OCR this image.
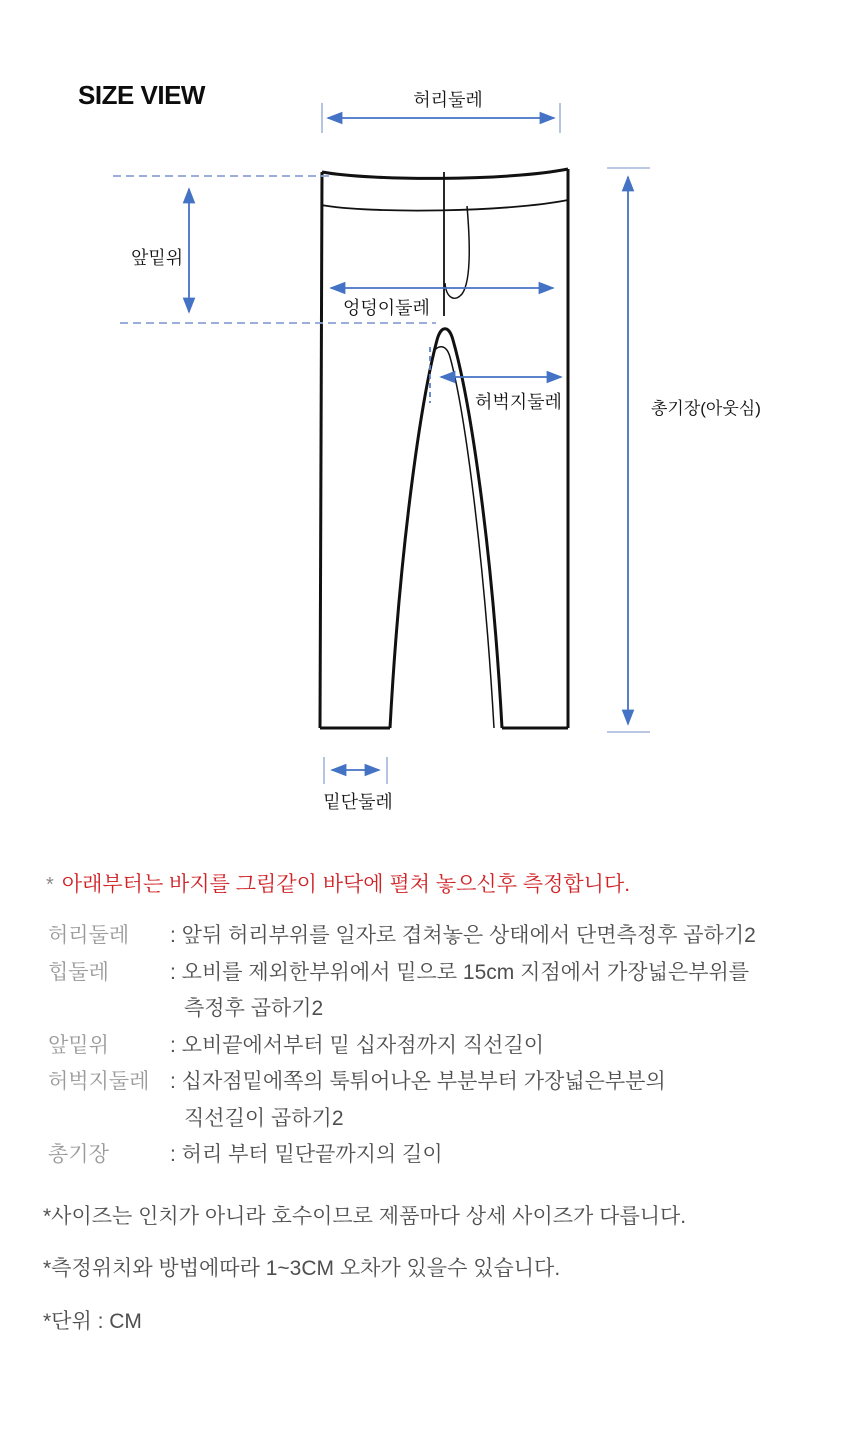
SIZE VIEW	허리둘레
앞밑위
엉덩이둘레
허벅지둘레	총기장(아웃심)
밑단둘레
* 아래부터는 바지를 그림같이 바닥에 펼쳐 놓으신후 측정합니다.
허리둘레	: 앞뒤 허리부위를 일자로 겹쳐놓은 상태에서 단면측정후 곱하기2
힙둘레	: 오비를 제외한부위에서 밑으로 15cm 지점에서 가장넓은부위를
측정후 곱하기2
앞밑위	: 오비끝에서부터 밑 십자점까지 직선길이
허벅지둘레 : 십자점밑에쪽의 툭튀어나온 부분부터 가장넓은부분의
직선길이 곱하기2
총기장	: 허리 부터 밑단끝까지의 길이
*사이즈는 인치가 아니라 호수이므로 제품마다 상세 사이즈가 다릅니다.
*측정위치와 방법에따라 1~3CM 오차가 있을수 있습니다.
*단위 : CM
